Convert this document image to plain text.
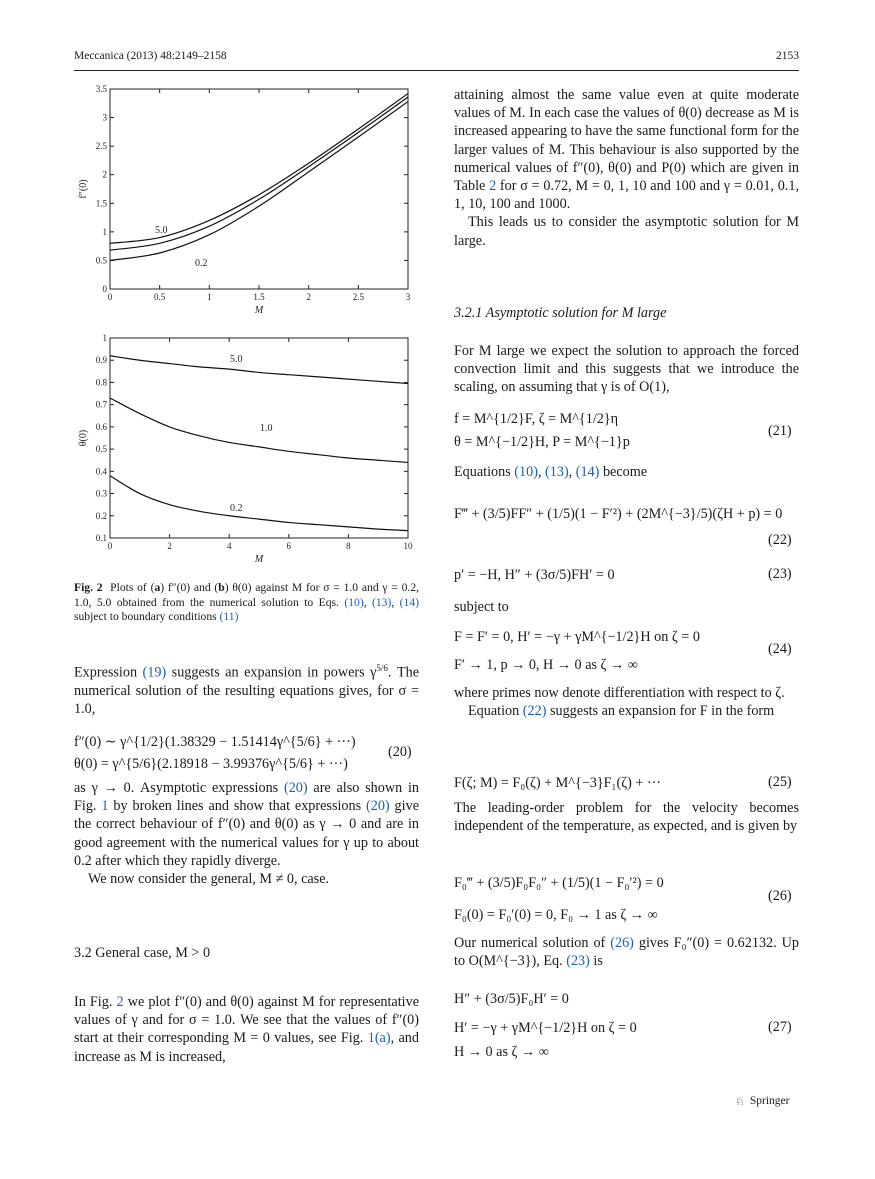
Meccanica (2013) 48:2149–2158	2153
0	0.5	1	1.5	2	2.5	3
0
0.5
1
1.5
2
2.5
3
3.5
M
f″(0)
5.0
0.2
0	2	4	6	8	10
0.1
0.2
0.3
0.4
0.5
0.6
0.7
0.8
0.9
1
M
θ(0)
5.0
1.0
0.2
Fig. 2 Plots of (a) f″(0) and (b) θ(0) against M for σ = 1.0 and γ = 0.2, 1.0, 5.0 obtained from the numerical solution to Eqs. (10), (13), (14) subject to boundary conditions (11)

Expression (19) suggests an expansion in powers $\gamma^{5/6}$. The numerical solution of the resulting equations gives, for σ = 1.0,

f″(0) ∼ γ^{1/2}(1.38329 − 1.51414γ^{5/6} + ···)
θ(0) = γ^{5/6}(2.18918 − 3.99376γ^{5/6} + ···)
(20)

as γ → 0. Asymptotic expressions (20) are also shown in Fig. 1 by broken lines and show that expressions (20) give the correct behaviour of f″(0) and θ(0) as γ → 0 and are in good agreement with the numerical values for γ up to about 0.2 after which they rapidly diverge.

We now consider the general, M ≠ 0, case.

3.2 General case, M > 0

In Fig. 2 we plot f″(0) and θ(0) against M for representative values of γ and for σ = 1.0. We see that the values of f″(0) start at their corresponding M = 0 values, see Fig. 1(a), and increase as M is increased,

attaining almost the same value even at quite moderate values of M. In each case the values of θ(0) decrease as M is increased appearing to have the same functional form for the larger values of M. This behaviour is also supported by the numerical values of f″(0), θ(0) and P(0) which are given in Table 2 for σ = 0.72, M = 0, 1, 10 and 100 and γ = 0.01, 0.1, 1, 10, 100 and 1000.

This leads us to consider the asymptotic solution for M large.

3.2.1 Asymptotic solution for M large
For M large we expect the solution to approach the forced convection limit and this suggests that we introduce the scaling, on assuming that γ is of O(1),
f = M^{1/2}F, ζ = M^{1/2}η
θ = M^{−1/2}H, P = M^{−1}p
(21)

Equations (10), (13), (14) become

F‴ + (3/5)FF″ + (1/5)(1 − F′²) + (2M^{−3}/5)(ζH + p) = 0
(22)
p′ = −H, H″ + (3σ/5)FH′ = 0	(23)
subject to
F = F′ = 0, H′ = −γ + γM^{−1/2}H on ζ = 0
F′ → 1, p → 0, H → 0 as ζ → ∞
(24)

where primes now denote differentiation with respect to ζ.

Equation (22) suggests an expansion for F in the form

F(ζ; M) = F₀(ζ) + M^{−3}F₁(ζ) + ···	(25)
The leading-order problem for the velocity becomes independent of the temperature, as expected, and is given by
F₀‴ + (3/5)F₀F₀″ + (1/5)(1 − F₀′²) = 0
F₀(0) = F₀′(0) = 0, F₀ → 1 as ζ → ∞
(26)

Our numerical solution of (26) gives F₀″(0) = 0.62132. Up to O(M^{−3}), Eq. (23) is

H″ + (3σ/5)F₀H′ = 0
H′ = −γ + γM^{−1/2}H on ζ = 0
H → 0 as ζ → ∞
(27)
♘ Springer
